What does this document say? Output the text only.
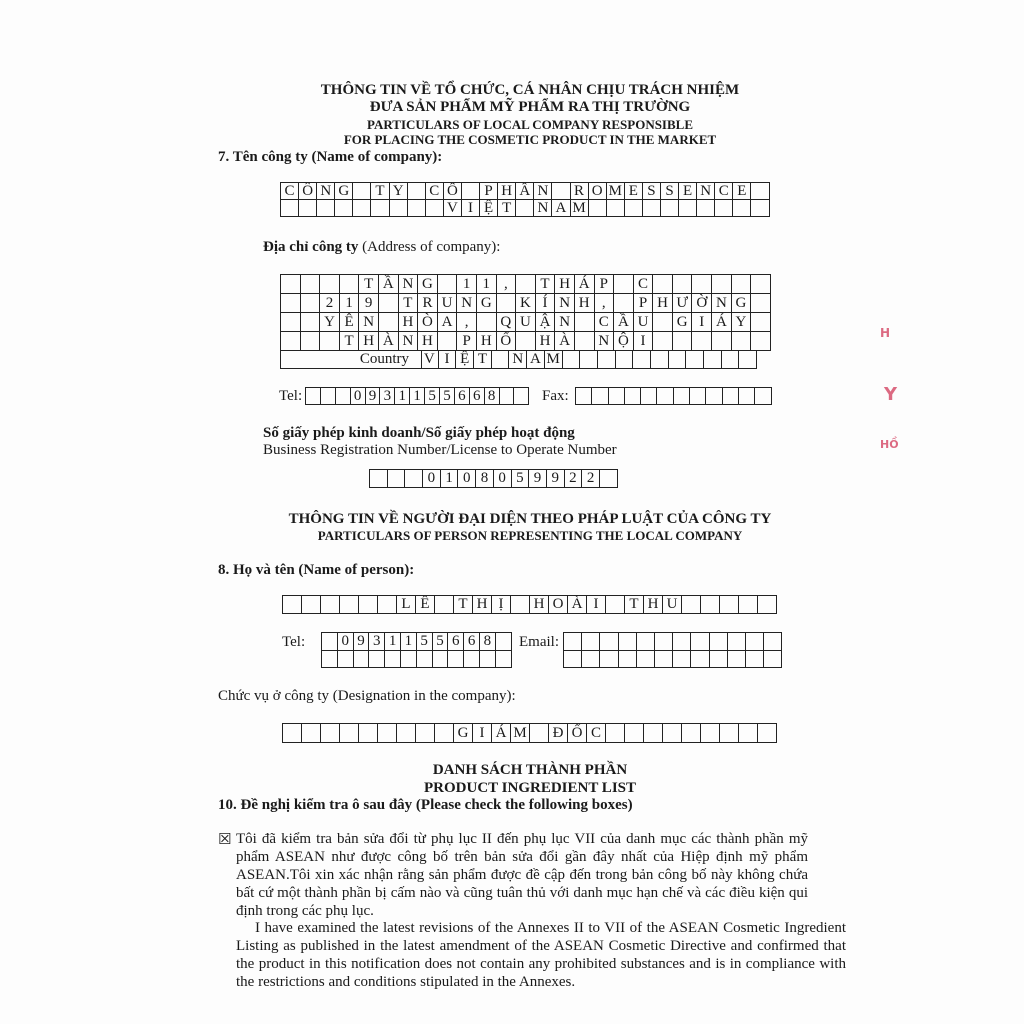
THÔNG TIN VỀ TỔ CHỨC, CÁ NHÂN CHỊU TRÁCH NHIỆM
ĐƯA SẢN PHẨM MỸ PHẨM RA THỊ TRƯỜNG
PARTICULARS OF LOCAL COMPANY RESPONSIBLE
FOR PLACING THE COSMETIC PRODUCT IN THE MARKET
7. Tên công ty (Name of company):
C Ô N G T Y C Ổ P H Ầ N R O M E S S E N C E
V I Ệ T	N A M
Địa chỉ công ty (Address of company):
T Ầ N G	1 1 ,	T H Á P	C
2 1 9	T R U N G	K Í N H ,	P H Ư Ờ N G
Y Ê N	H Ò A ,	Q U Ậ N	C Ầ U	G I Á Y
T H À N H	P H Ố	H À	N Ộ I
Country V I Ệ T	N A M
Tel:	0 9 3 1 1 5 5 6 6 8	Fax:
Số giấy phép kinh doanh/Số giấy phép hoạt động
Business Registration Number/License to Operate Number
0 1 0 8 0 5 9 9 2 2
THÔNG TIN VỀ NGƯỜI ĐẠI DIỆN THEO PHÁP LUẬT CỦA CÔNG TY
PARTICULARS OF PERSON REPRESENTING THE LOCAL COMPANY
8. Họ và tên (Name of person):
L Ê	T H Ị	H O À I	T H U
Tel: 0 9 3 1 1 5 5 6 6 8	Email:
Chức vụ ở công ty (Designation in the company):
G I Á M Đ Ố C
DANH SÁCH THÀNH PHẦN
PRODUCT INGREDIENT LIST
10. Đề nghị kiểm tra ô sau đây (Please check the following boxes)
☒ Tôi đã kiểm tra bản sửa đổi từ phụ lục II đến phụ lục VII của danh mục các thành phần mỹ phẩm ASEAN như được công bố trên bản sửa đổi gần đây nhất của Hiệp định mỹ phẩm ASEAN.Tôi xin xác nhận rằng sản phẩm được đề cập đến trong bản công bố này không chứa bất cứ một thành phần bị cấm nào và cũng tuân thủ với danh mục hạn chế và các điều kiện qui định trong các phụ lục.

I have examined the latest revisions of the Annexes II to VII of the ASEAN Cosmetic Ingredient Listing as published in the latest amendment of the ASEAN Cosmetic Directive and confirmed that the product in this notification does not contain any prohibited substances and is in compliance with the restrictions and conditions stipulated in the Annexes.

H
Y
HỒ
